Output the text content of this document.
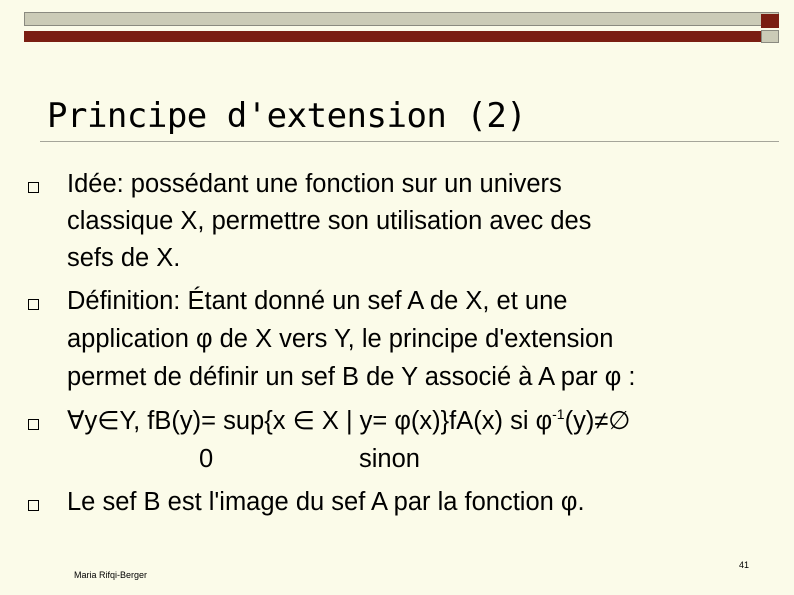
Principe d'extension (2)
Idée: possédant une fonction sur un univers
classique X, permettre son utilisation avec des
sefs de X.
Définition: Étant donné un sef A de X, et une
application φ de X vers Y, le principe d'extension
permet de définir un sef B de Y associé à A par φ :
∀y∈Y, fB(y)= sup{x ∈ X | y= φ(x)}fA(x) si $\varphi^{-1}(y)\ne\emptyset$
0	sinon
Le sef B est l'image du sef A par la fonction φ.
Maria Rifqi-Berger
41
